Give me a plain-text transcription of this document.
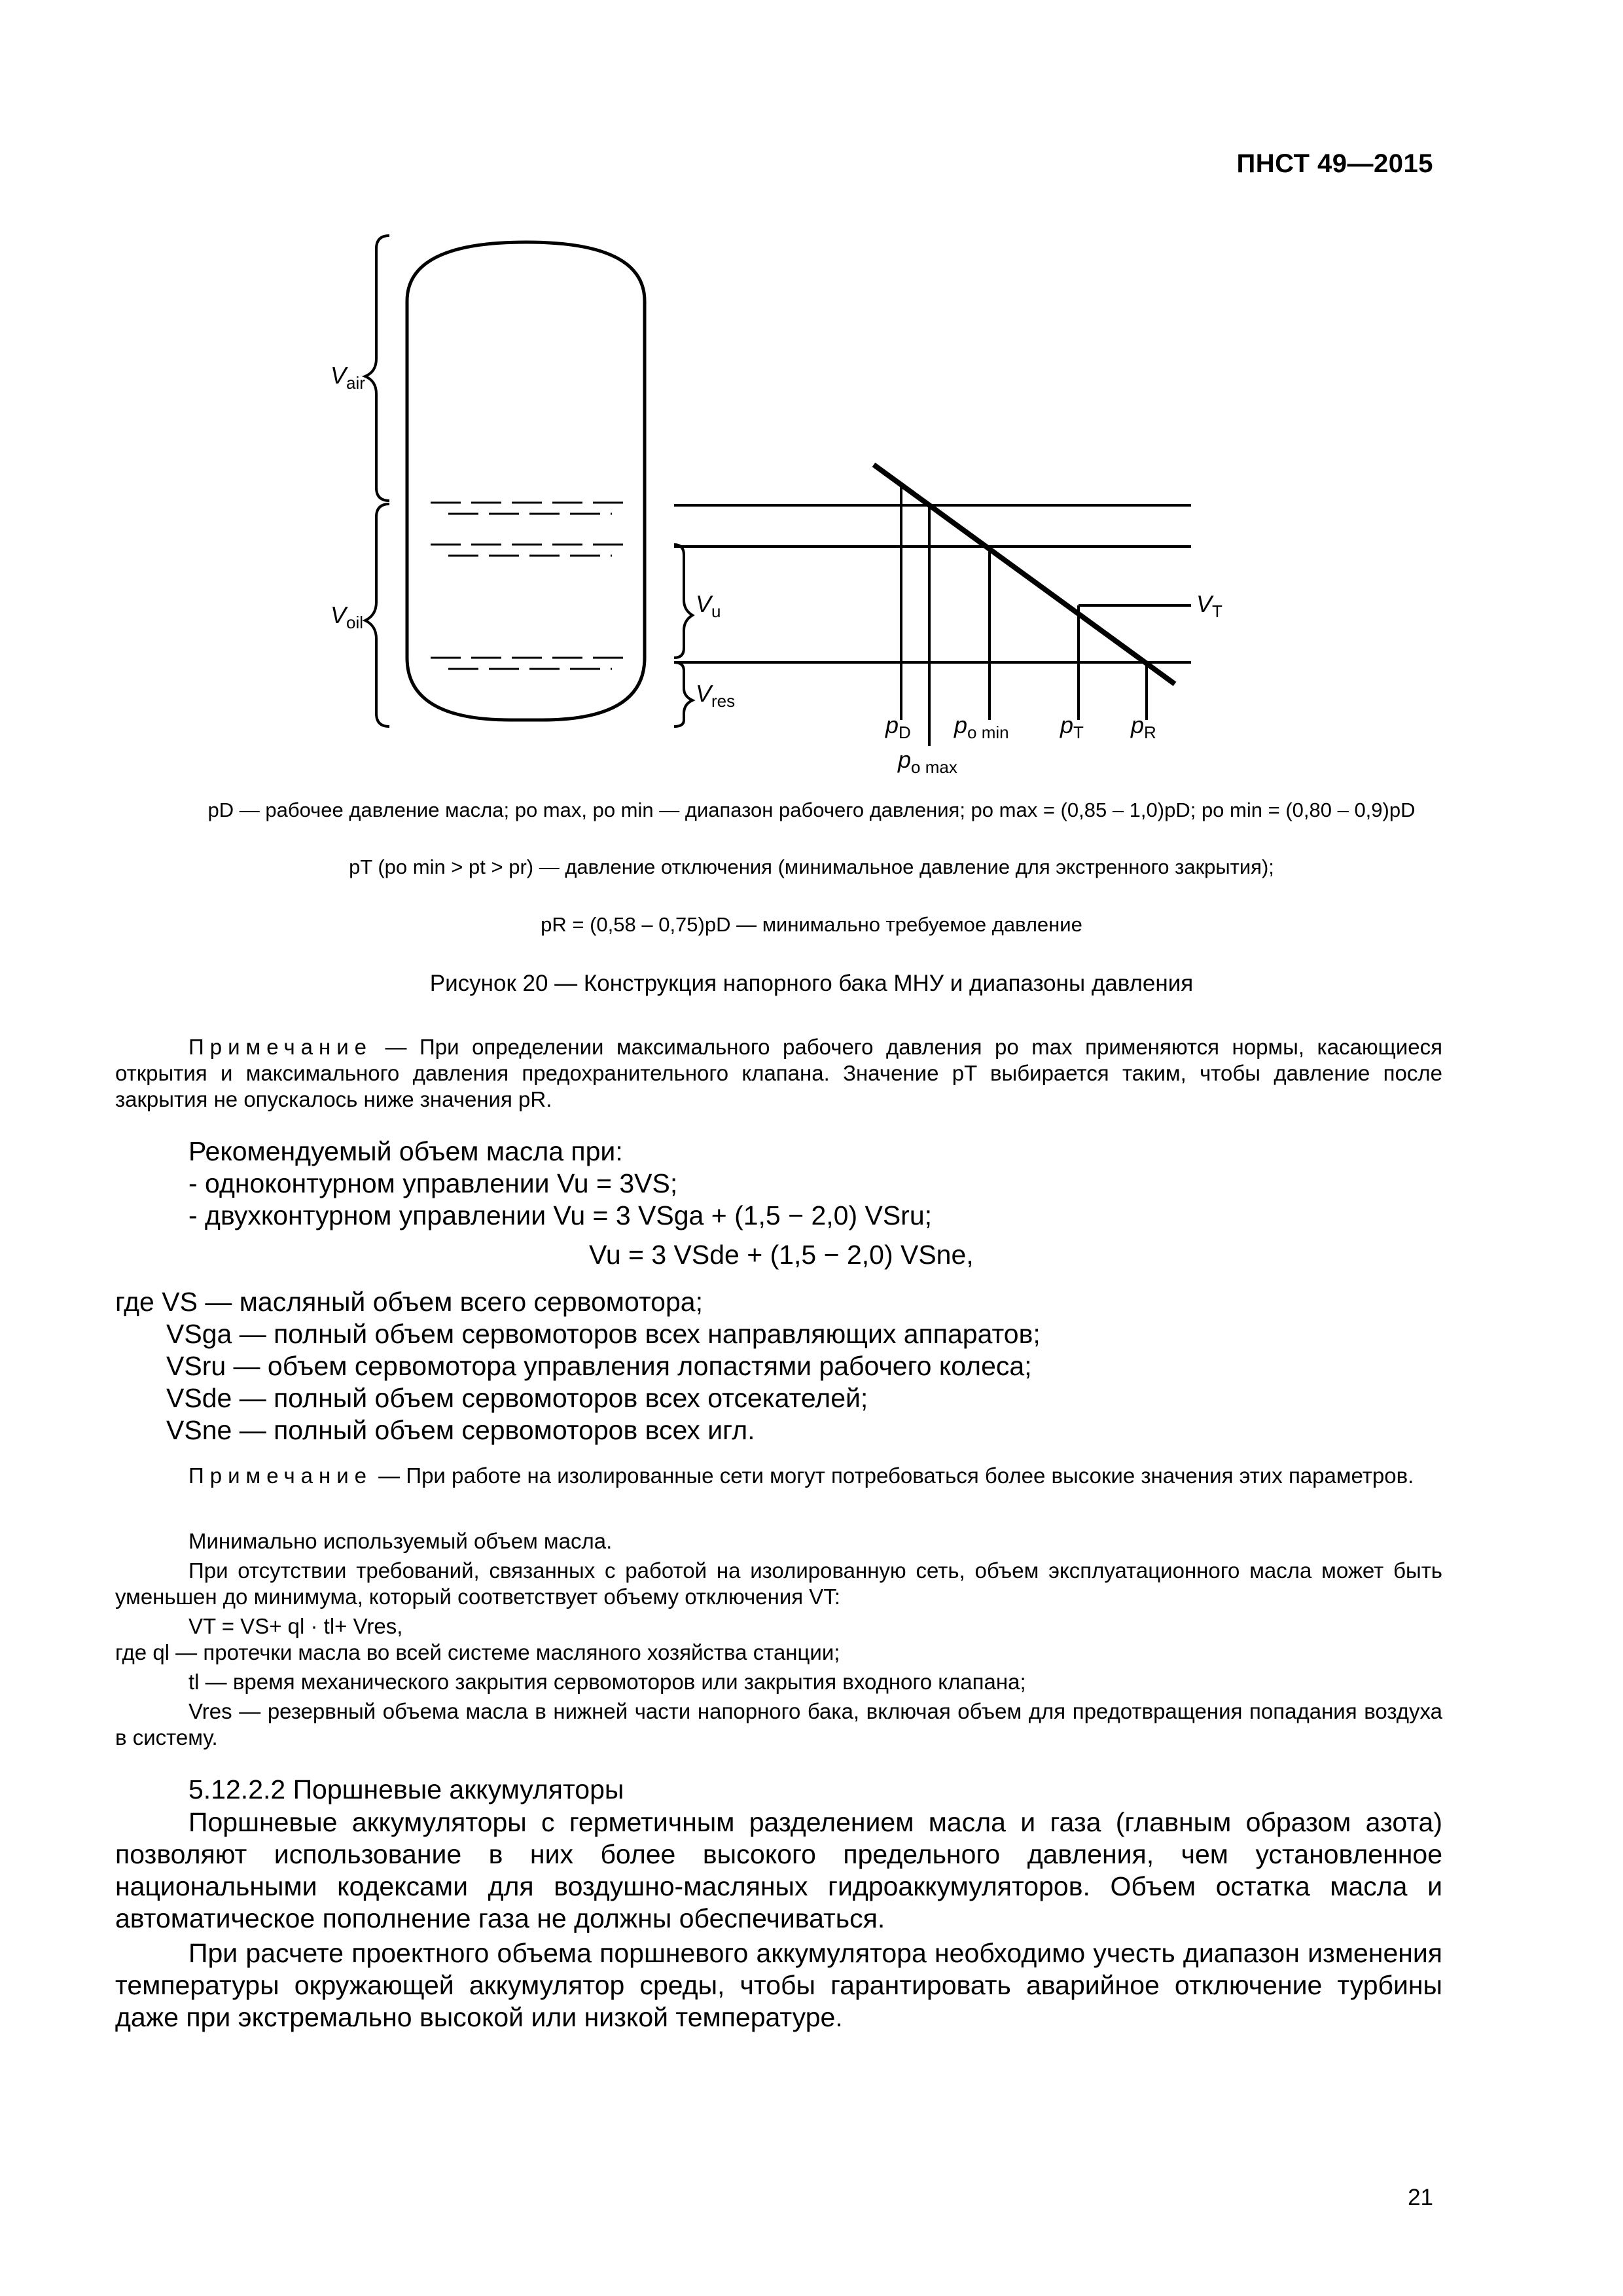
ПНСТ 49—2015
$V_{air}$
$V_{oil}$
$V_u$
$V_{res}$
$V_T$
$p_D$ $p_{o min}$ $p_T$ $p_R$
$p_{o max}$
pD — рабочее давление масла; po max, po min — диапазон рабочего давления; po max = (0,85 – 1,0)pD; po min = (0,80 – 0,9)pD
pT (po min > pt > pr) — давление отключения (минимальное давление для экстренного закрытия);
pR = (0,58 – 0,75)pD — минимально требуемое давление
Рисунок 20 — Конструкция напорного бака МНУ и диапазоны давления
Примечание — При определении максимального рабочего давления po max применяются нормы, касающиеся открытия и максимального давления предохранительного клапана. Значение pT выбирается таким, чтобы давление после закрытия не опускалось ниже значения pR.
Рекомендуемый объем масла при:
- одноконтурном управлении Vu = 3VS;
- двухконтурном управлении Vu = 3 VSga + (1,5 − 2,0) VSru;
Vu = 3 VSde + (1,5 − 2,0) VSne,
где VS — масляный объем всего сервомотора;
VSga — полный объем сервомоторов всех направляющих аппаратов;
VSru — объем сервомотора управления лопастями рабочего колеса;
VSde — полный объем сервомоторов всех отсекателей;
VSne — полный объем сервомоторов всех игл.
Примечание — При работе на изолированные сети могут потребоваться более высокие значения этих параметров.
Минимально используемый объем масла.
При отсутствии требований, связанных с работой на изолированную сеть, объем эксплуатационного масла может быть уменьшен до минимума, который соответствует объему отключения VT:
VT = VS+ ql · tl+ Vres,
где ql — протечки масла во всей системе масляного хозяйства станции;
tl — время механического закрытия сервомоторов или закрытия входного клапана;
Vres — резервный объема масла в нижней части напорного бака, включая объем для предотвращения попадания воздуха в систему.
5.12.2.2 Поршневые аккумуляторы
Поршневые аккумуляторы с герметичным разделением масла и газа (главным образом азота) позволяют использование в них более высокого предельного давления, чем установленное национальными кодексами для воздушно-масляных гидроаккумуляторов. Объем остатка масла и автоматическое пополнение газа не должны обеспечиваться.
При расчете проектного объема поршневого аккумулятора необходимо учесть диапазон изменения температуры окружающей аккумулятор среды, чтобы гарантировать аварийное отключение турбины даже при экстремально высокой или низкой температуре.
21
